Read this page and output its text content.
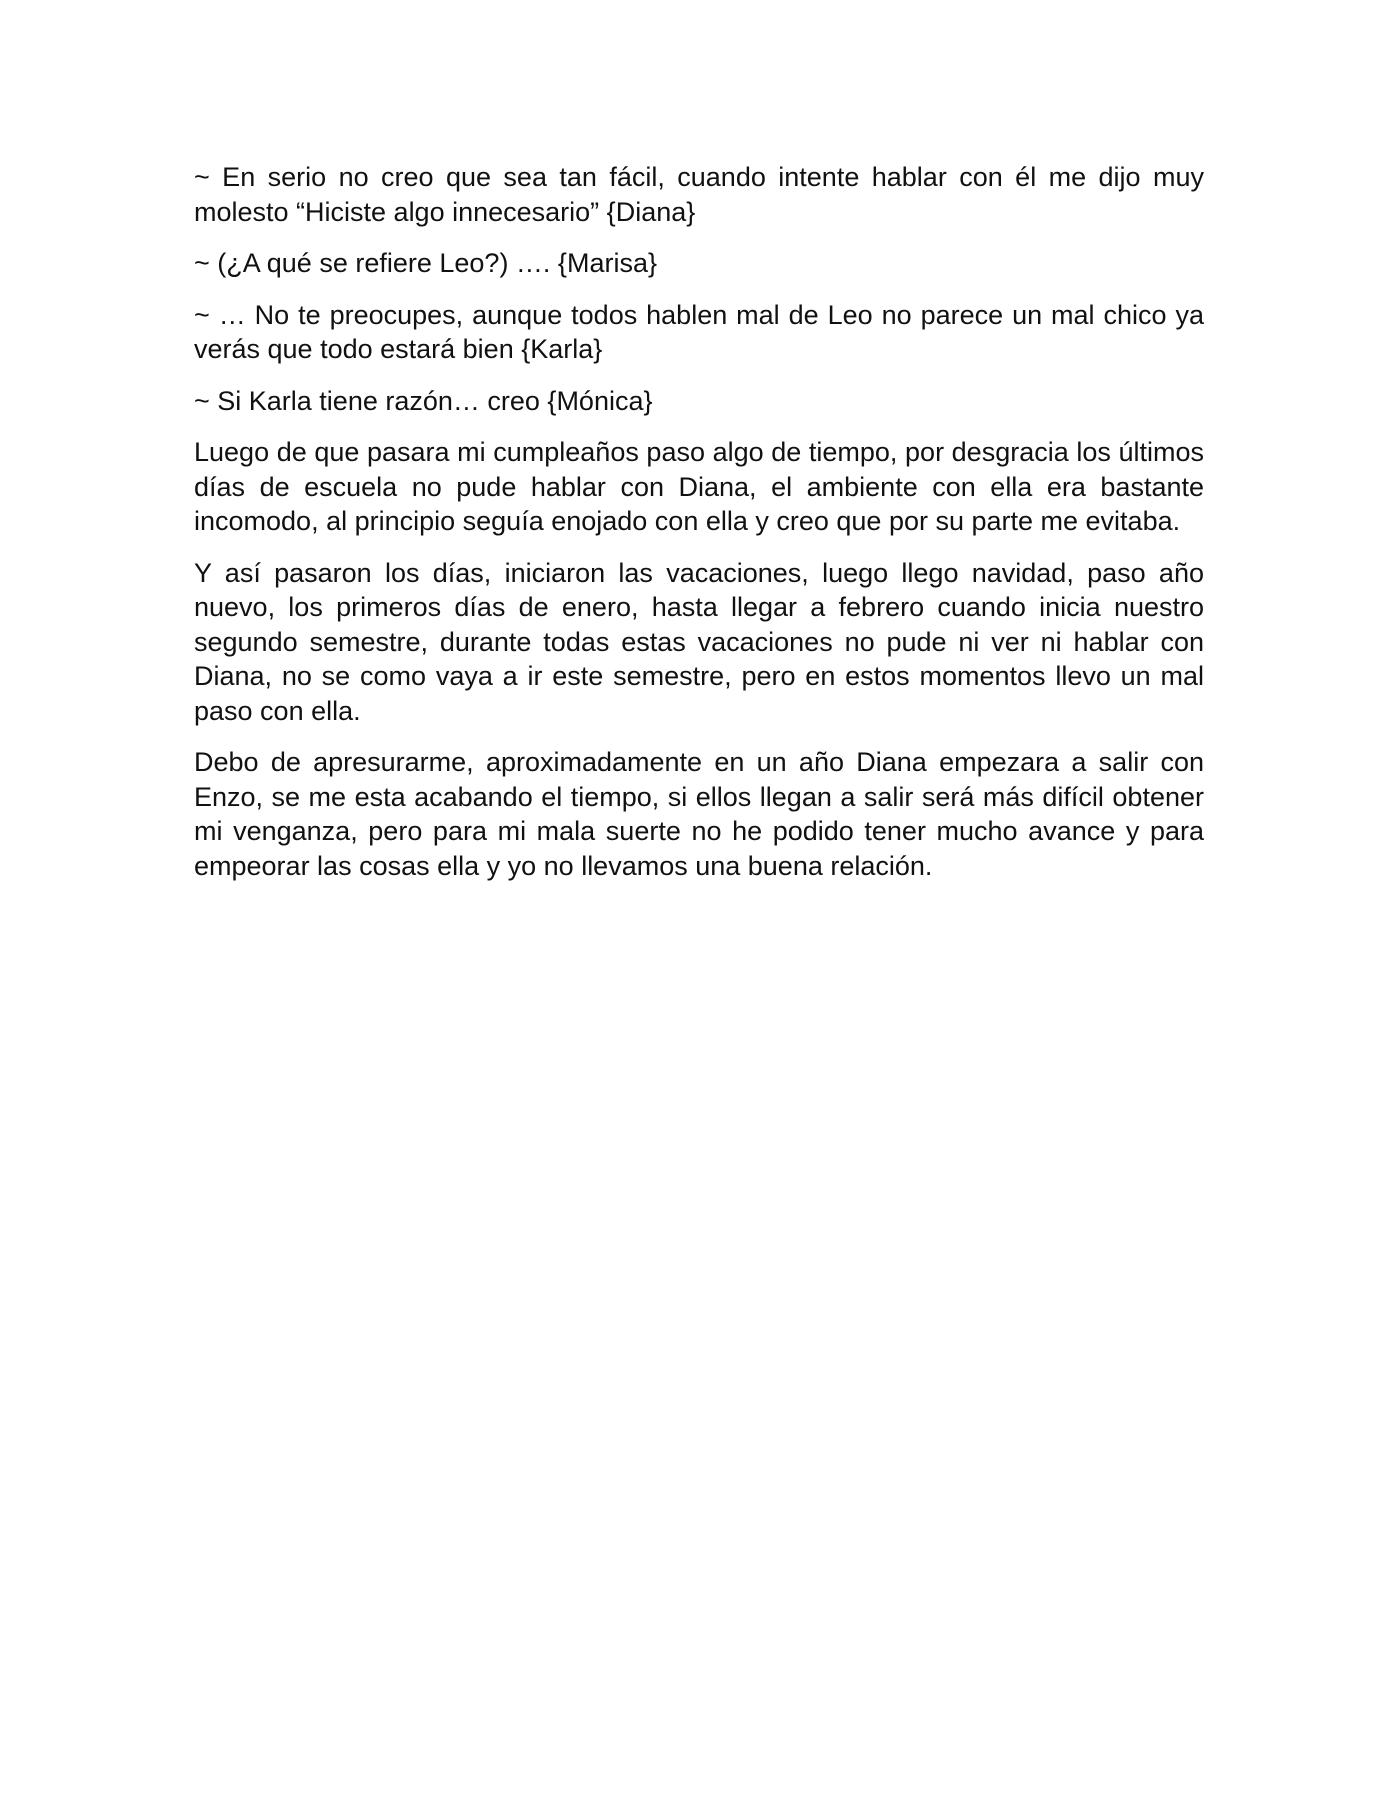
~ En serio no creo que sea tan fácil, cuando intente hablar con él me dijo muy molesto “Hiciste algo innecesario” {Diana}

~ (¿A qué se refiere Leo?) …. {Marisa}

~ … No te preocupes, aunque todos hablen mal de Leo no parece un mal chico ya verás que todo estará bien {Karla}

~ Si Karla tiene razón… creo {Mónica}

Luego de que pasara mi cumpleaños paso algo de tiempo, por desgracia los últimos días de escuela no pude hablar con Diana, el ambiente con ella era bastante incomodo, al principio seguía enojado con ella y creo que por su parte me evitaba.

Y así pasaron los días, iniciaron las vacaciones, luego llego navidad, paso año nuevo, los primeros días de enero, hasta llegar a febrero cuando inicia nuestro segundo semestre, durante todas estas vacaciones no pude ni ver ni hablar con Diana, no se como vaya a ir este semestre, pero en estos momentos llevo un mal paso con ella.

Debo de apresurarme, aproximadamente en un año Diana empezara a salir con Enzo, se me esta acabando el tiempo, si ellos llegan a salir será más difícil obtener mi venganza, pero para mi mala suerte no he podido tener mucho avance y para empeorar las cosas ella y yo no llevamos una buena relación.
